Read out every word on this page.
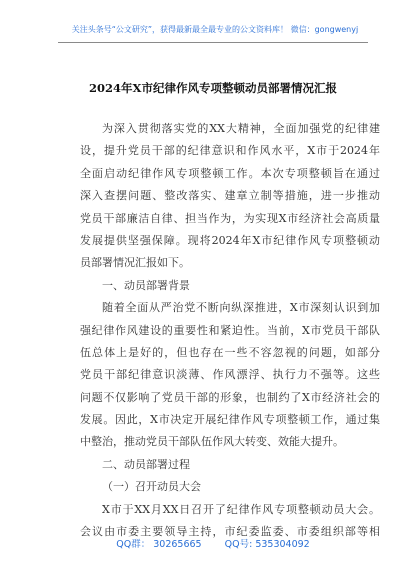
关注头条号“公文研究”，获得最新最全最专业的公文资料库！ 微信：gongwenyj
2024年X市纪律作风专项整顿动员部署情况汇报
为深入贯彻落实党的XX大精神，全面加强党的纪律建
设，提升党员干部的纪律意识和作风水平，X市于2024年
全面启动纪律作风专项整顿工作。本次专项整顿旨在通过
深入查摆问题、整改落实、建章立制等措施，进一步推动
党员干部廉洁自律、担当作为，为实现X市经济社会高质量
发展提供坚强保障。现将2024年X市纪律作风专项整顿动
员部署情况汇报如下。
一、动员部署背景
随着全面从严治党不断向纵深推进，X市深刻认识到加
强纪律作风建设的重要性和紧迫性。当前，X市党员干部队
伍总体上是好的，但也存在一些不容忽视的问题，如部分
党员干部纪律意识淡薄、作风漂浮、执行力不强等。这些
问题不仅影响了党员干部的形象，也制约了X市经济社会的
发展。因此，X市决定开展纪律作风专项整顿工作，通过集
中整治，推动党员干部队伍作风大转变、效能大提升。
二、动员部署过程
（一）召开动员大会
X市于XX月XX日召开了纪律作风专项整顿动员大会。
会议由市委主要领导主持，市纪委监委、市委组织部等相
QQ群： 30265665 QQ号: 535304092
